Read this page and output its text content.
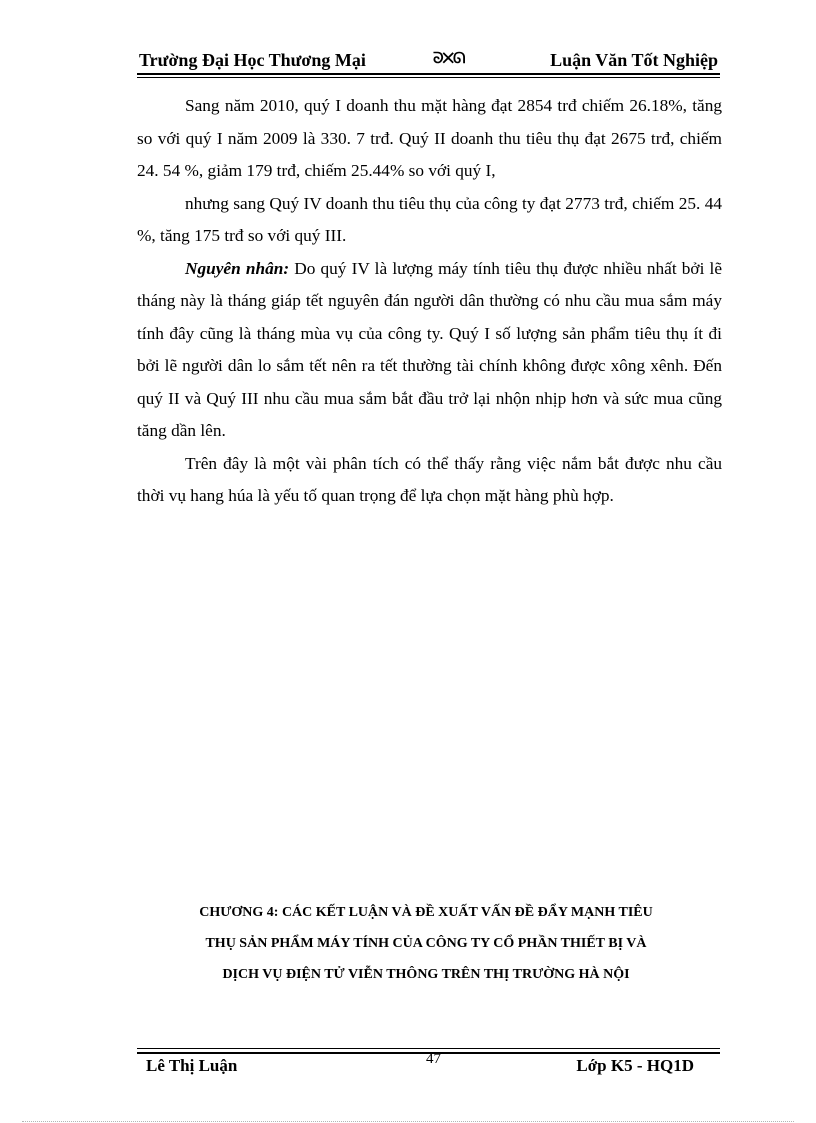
Trường Đại Học Thương Mại	ᘐ✕ᘏ	Luận Văn Tốt Nghiệp

Sang năm 2010, quý I doanh thu mặt hàng đạt 2854 trđ chiếm 26.18%, tăng so với quý I năm 2009 là 330. 7 trđ. Quý II doanh thu tiêu thụ đạt 2675 trđ, chiếm 24. 54 %, giảm 179 trđ, chiếm 25.44% so với quý I,

nhưng sang Quý IV doanh thu tiêu thụ của công ty đạt 2773 trđ, chiếm 25. 44 %, tăng 175 trđ so với quý III.

Nguyên nhân: Do quý IV là lượng máy tính tiêu thụ được nhiều nhất bởi lẽ tháng này là tháng giáp tết nguyên đán người dân thường có nhu cầu mua sắm máy tính đây cũng là tháng mùa vụ của công ty. Quý I số lượng sản phẩm tiêu thụ ít đi bởi lẽ người dân lo sắm tết nên ra tết thường tài chính không được xông xênh. Đến quý II và Quý III nhu cầu mua sắm bắt đầu trở lại nhộn nhịp hơn và sức mua cũng tăng dần lên.

Trên đây là một vài phân tích có thể thấy rằng việc nắm bắt được nhu cầu thời vụ hang húa là yếu tố quan trọng để lựa chọn mặt hàng phù hợp.

CHƯƠNG 4: CÁC KẾT LUẬN VÀ ĐỀ XUẤT VẤN ĐỀ ĐẨY MẠNH TIÊU
THỤ SẢN PHẨM MÁY TÍNH CỦA CÔNG TY CỔ PHẦN THIẾT BỊ VÀ
DỊCH VỤ ĐIỆN TỬ VIỄN THÔNG TRÊN THỊ TRƯỜNG HÀ NỘI
Lê Thị Luận	47	Lớp K5 - HQ1D
